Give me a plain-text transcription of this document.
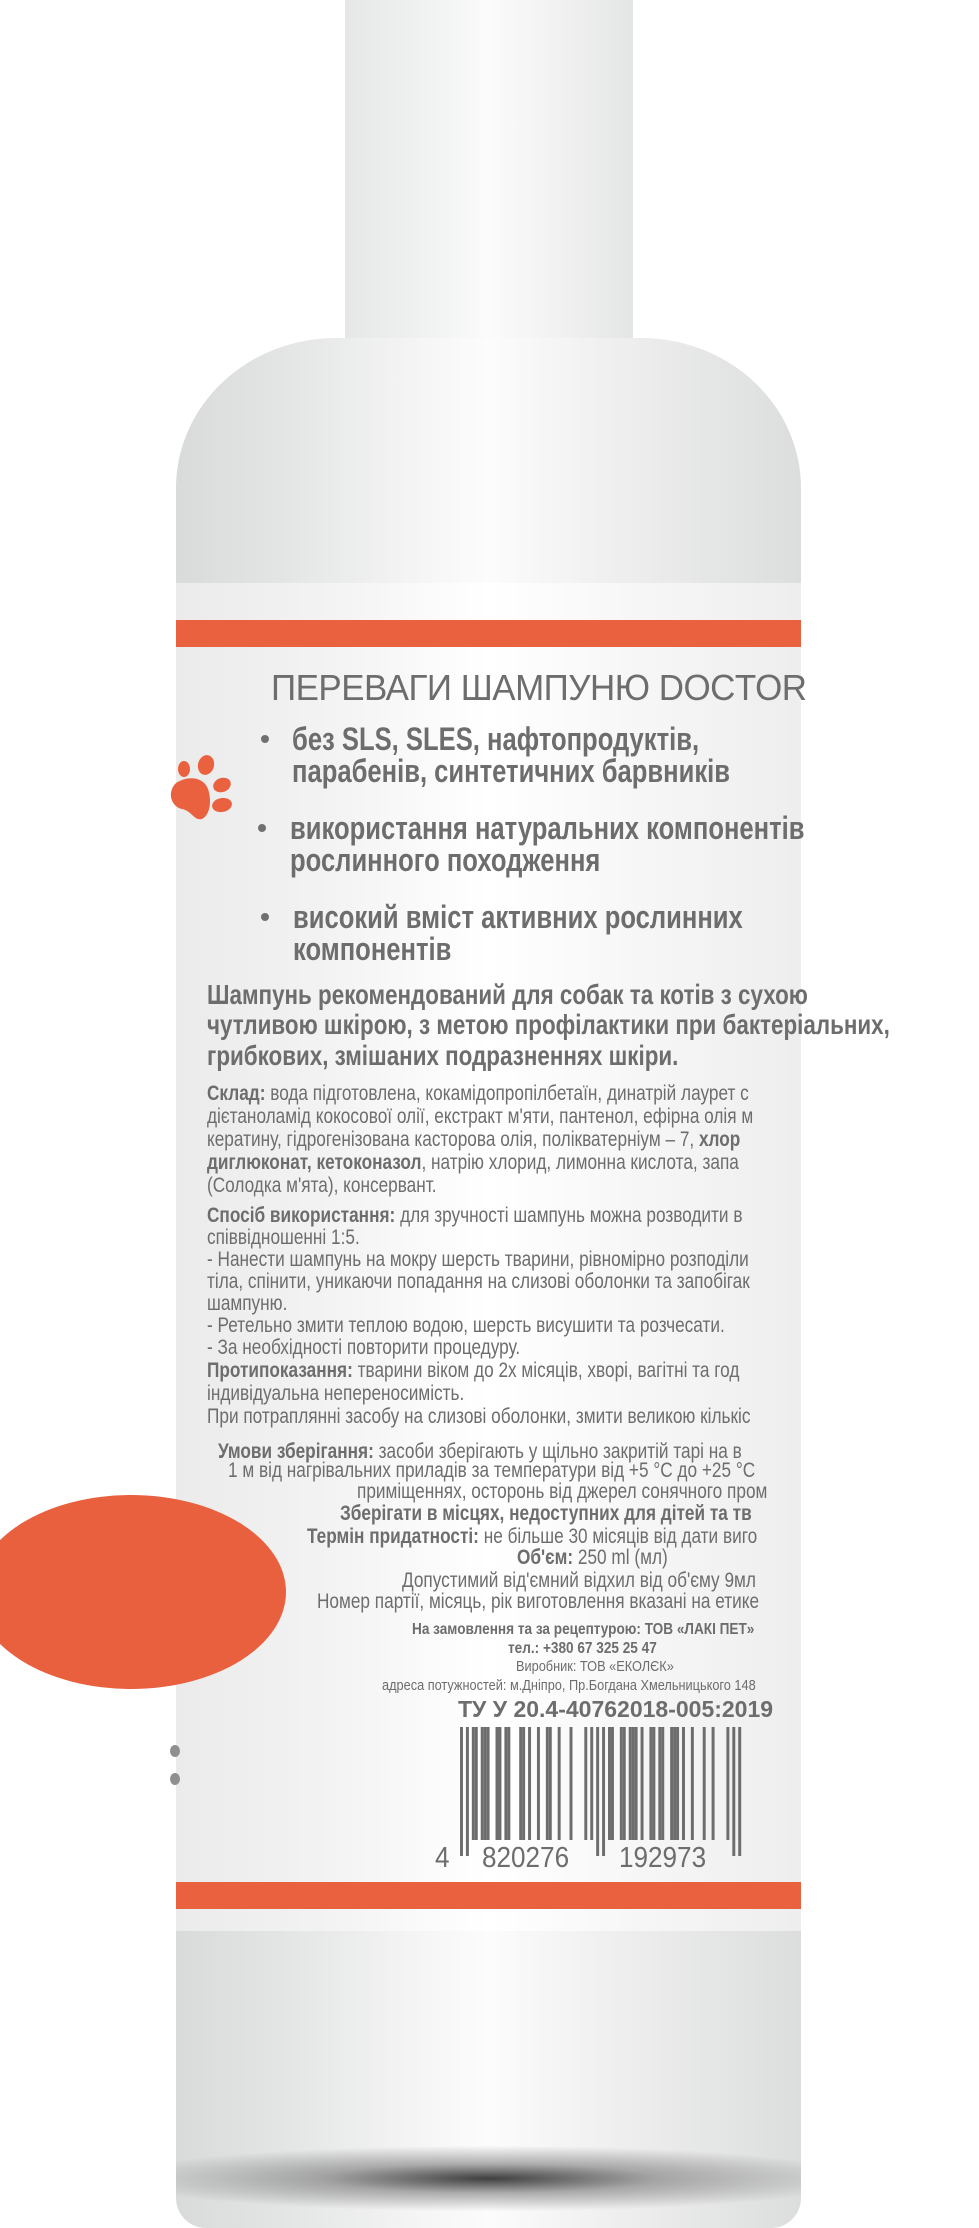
ПЕРЕВАГИ ШАМПУНЮ DOCTOR
без SLS, SLES, нафтопродуктів,
парабенів, синтетичних барвників
використання натуральних компонентів
рослинного походження
високий вміст активних рослинних
компонентів
Шампунь рекомендований для собак та котів з сухою
чутливою шкірою, з метою профілактики при бактеріальних,
грибкових, змішаних подразненнях шкіри.
Склад: вода підготовлена, кокамідопропілбетаїн, динатрій лаурет с
дієтаноламід кокосової олії, екстракт м'яти, пантенол, ефірна олія м
кератину, гідрогенізована касторова олія, полікватерніум – 7, хлор
диглюконат, кетоконазол, натрію хлорид, лимонна кислота, запа
(Солодка м'ята), консервант.
Спосіб використання: для зручності шампунь можна розводити в
співвідношенні 1:5.
- Нанести шампунь на мокру шерсть тварини, рівномірно розподіли
тіла, спінити, уникаючи попадання на слизові оболонки та запобігак
шампуню.
- Ретельно змити теплою водою, шерсть висушити та розчесати.
- За необхідності повторити процедуру.
Протипоказання: тварини віком до 2х місяців, хворі, вагітні та год
індивідуальна непереносимість.
При потраплянні засобу на слизові оболонки, змити великою кількіс
Умови зберігання: засоби зберігають у щільно закритій тарі на в
1 м від нагрівальних приладів за температури від +5 °С до +25 °С
приміщеннях, осторонь від джерел сонячного пром
Зберігати в місцях, недоступних для дітей та тв
Термін придатності: не більше 30 місяців від дати виго
Об'єм: 250 ml (мл)
Допустимий від'ємний відхил від об'єму 9мл
Номер партії, місяць, рік виготовлення вказані на етике
На замовлення та за рецептурою: ТОВ «ЛАКІ ПЕТ»
тел.: +380 67 325 25 47
Виробник: ТОВ «ЕКОЛЄК»
адреса потужностей: м.Дніпро, Пр.Богдана Хмельницького 148
ТУ У 20.4-40762018-005:2019
4 820276 192973
